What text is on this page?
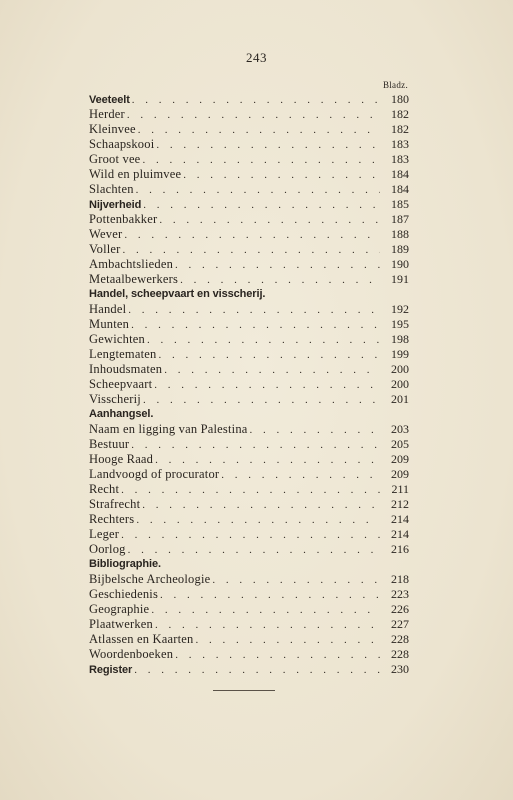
243
Bladz.
Veeteelt . . .	180
Herder . . .	182
Kleinvee . . .	182
Schaapskooi . . .	183
Groot vee . . .	183
Wild en pluimvee . . .	184
Slachten . . .	184
Nijverheid . . .	185
Pottenbakker . . .	187
Wever . . .	188
Voller . . .	189
Ambachtslieden . . .	190
Metaalbewerkers . . .	191
Handel, scheepvaart en visscherij.
Handel . . .	192
Munten . . .	195
Gewichten . . .	198
Lengtematen . . .	199
Inhoudsmaten . . .	200
Scheepvaart . . .	200
Visscherij . . .	201
Aanhangsel.
Naam en ligging van Palestina . . .	203
Bestuur . . .	205
Hooge Raad . . .	209
Landvoogd of procurator . . .	209
Recht . . .	211
Strafrecht . . .	212
Rechters . . .	214
Leger . . .	214
Oorlog . . .	216
Bibliographie.
Bijbelsche Archeologie . . .	218
Geschiedenis . . .	223
Geographie . . .	226
Plaatwerken . . .	227
Atlassen en Kaarten . . .	228
Woordenboeken . . .	228
Register . . .	230
